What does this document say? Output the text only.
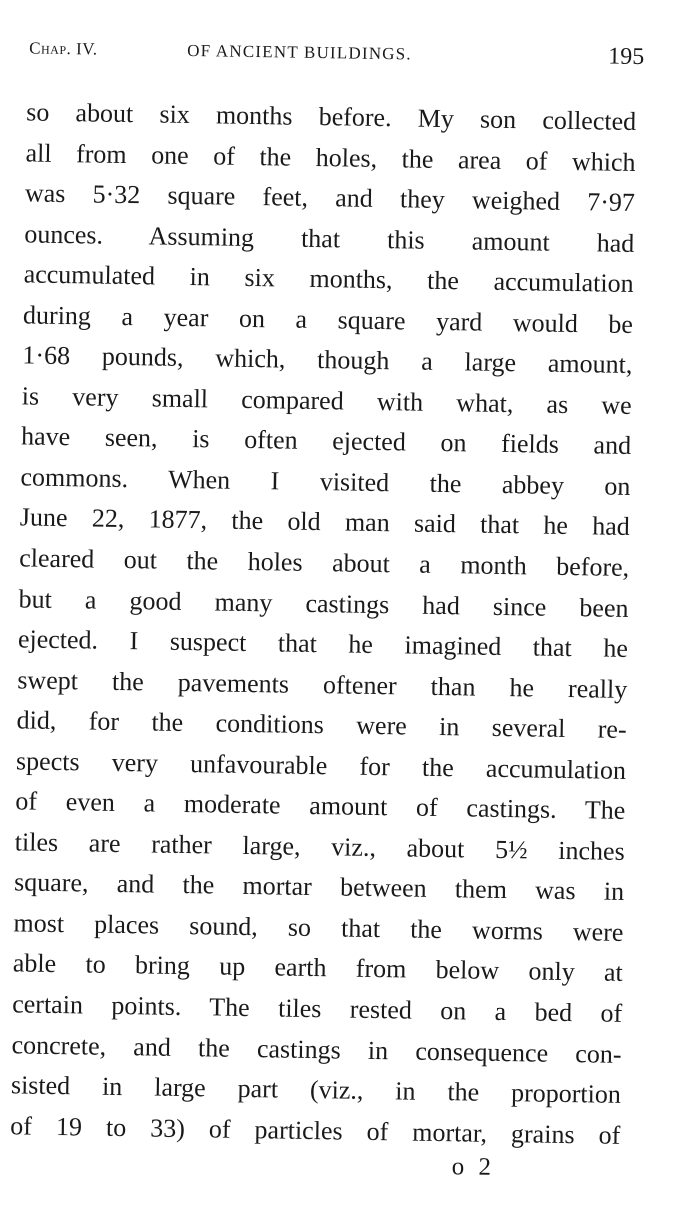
Chap. IV.	OF ANCIENT BUILDINGS.	195
so about six months before. My son collected
all from one of the holes, the area of which
was 5·32 square feet, and they weighed 7·97
ounces. Assuming that this amount had
accumulated in six months, the accumulation
during a year on a square yard would be
1·68 pounds, which, though a large amount,
is very small compared with what, as we
have seen, is often ejected on fields and
commons. When I visited the abbey on
June 22, 1877, the old man said that he had
cleared out the holes about a month before,
but a good many castings had since been
ejected. I suspect that he imagined that he
swept the pavements oftener than he really
did, for the conditions were in several re-
spects very unfavourable for the accumulation
of even a moderate amount of castings. The
tiles are rather large, viz., about 5½ inches
square, and the mortar between them was in
most places sound, so that the worms were
able to bring up earth from below only at
certain points. The tiles rested on a bed of
concrete, and the castings in consequence con-
sisted in large part (viz., in the proportion
of 19 to 33) of particles of mortar, grains of
o 2
